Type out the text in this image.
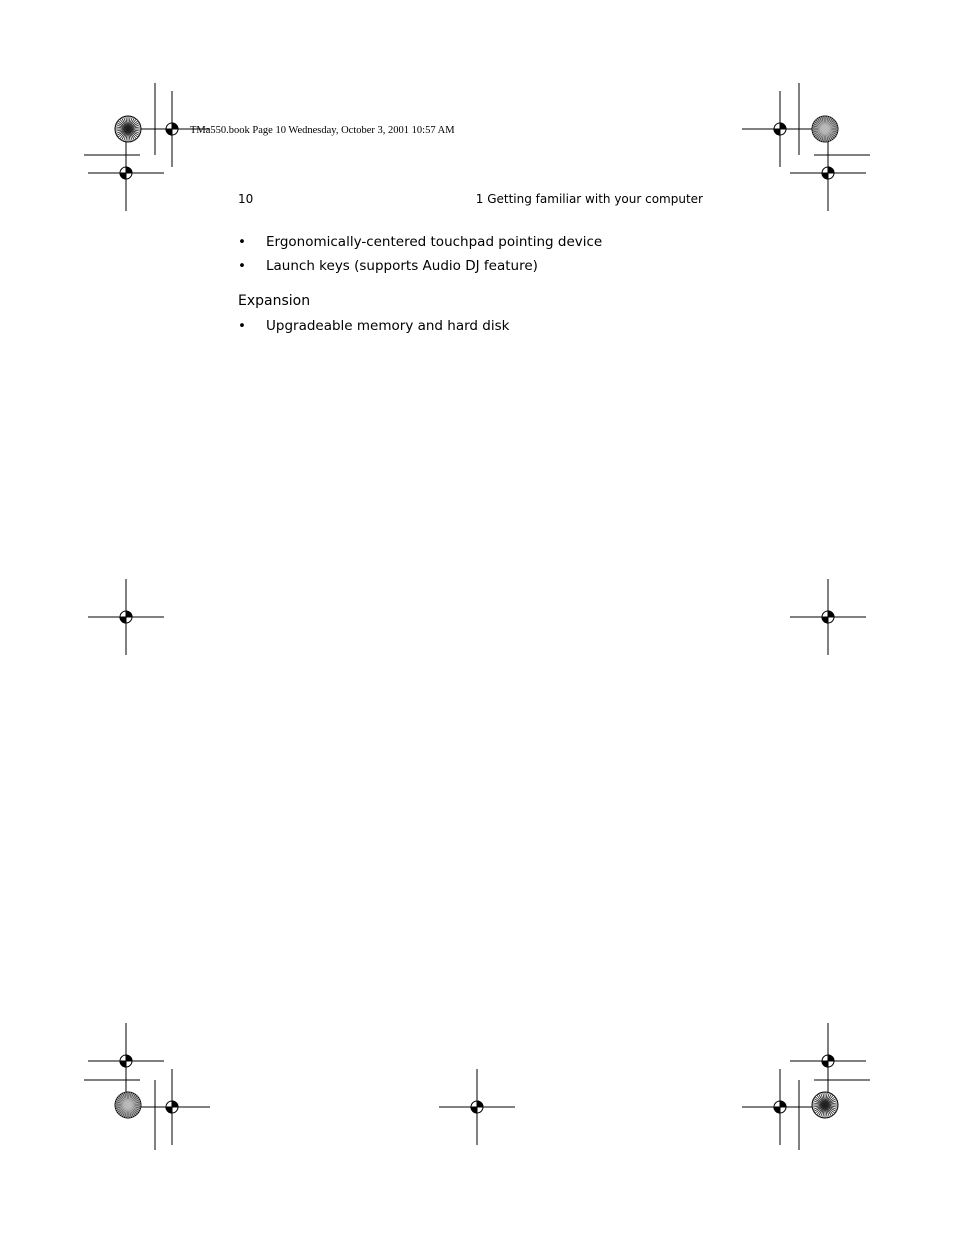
TMa550.book Page 10 Wednesday, October 3, 2001 10:57 AM
10	1 Getting familiar with your computer
• Ergonomically-centered touchpad pointing device
• Launch keys (supports Audio DJ feature)
Expansion
• Upgradeable memory and hard disk
